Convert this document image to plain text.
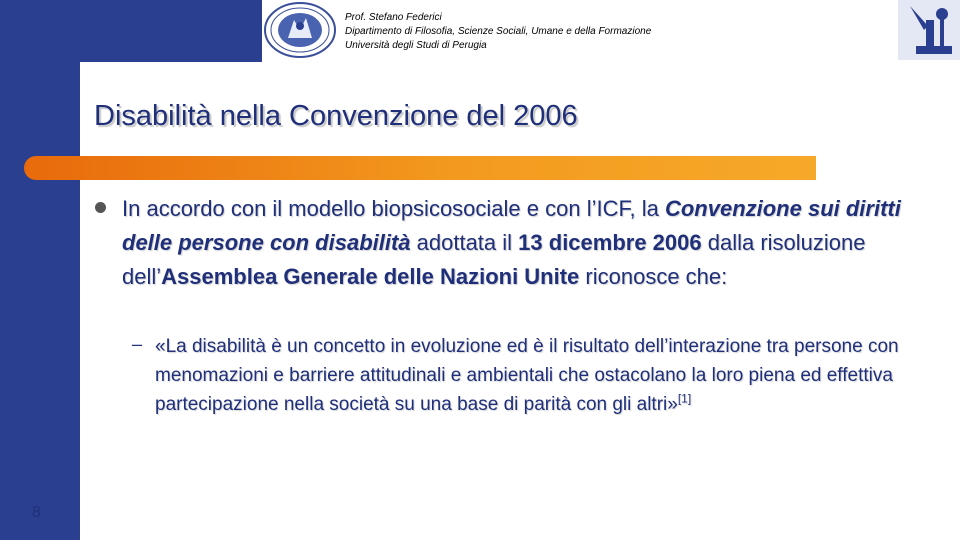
Prof. Stefano Federici
Dipartimento di Filosofia, Scienze Sociali, Umane e della Formazione
Università degli Studi di Perugia
Disabilità nella Convenzione del 2006

In accordo con il modello biopsicosociale e con l’ICF, la Convenzione sui diritti delle persone con disabilità adottata il 13 dicembre 2006 dalla risoluzione dell’Assemblea Generale delle Nazioni Unite riconosce che:

– «La disabilità è un concetto in evoluzione ed è il risultato dell’interazione tra persone con menomazioni e barriere attitudinali e ambientali che ostacolano la loro piena ed effettiva partecipazione nella società su una base di parità con gli altri»[1]

8
